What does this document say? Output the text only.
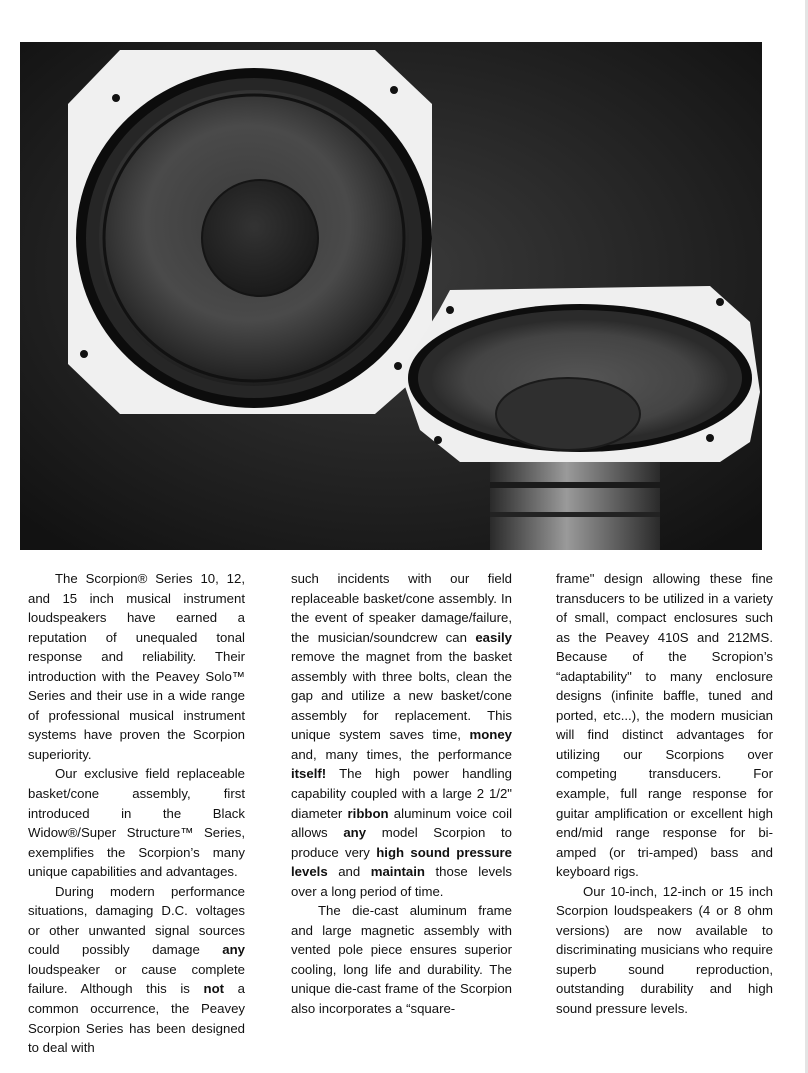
The Scorpion® Series 10, 12, and 15 inch musical instrument loudspeakers have earned a reputation of unequaled tonal response and reliability. Their introduction with the Peavey Solo™ Series and their use in a wide range of professional musical instrument systems have proven the Scorpion superiority.

Our exclusive field replaceable basket/cone assembly, first introduced in the Black Widow®/Super Structure™ Series, exemplifies the Scorpion’s many unique capabilities and advantages.

During modern performance situations, damaging D.C. voltages or other unwanted signal sources could possibly damage any loudspeaker or cause complete failure. Although this is not a common occurrence, the Peavey Scorpion Series has been designed to deal with

such incidents with our field replaceable basket/cone assembly. In the event of speaker damage/failure, the musician/soundcrew can easily remove the magnet from the basket assembly with three bolts, clean the gap and utilize a new basket/cone assembly for replacement. This unique system saves time, money and, many times, the performance itself! The high power handling capability coupled with a large 2 1/2" diameter ribbon aluminum voice coil allows any model Scorpion to produce very high sound pressure levels and maintain those levels over a long period of time.

The die-cast aluminum frame and large magnetic assembly with vented pole piece ensures superior cooling, long life and durability. The unique die-cast frame of the Scorpion also incorporates a “square-

frame" design allowing these fine transducers to be utilized in a variety of small, compact enclosures such as the Peavey 410S and 212MS. Because of the Scropion’s “adaptability" to many enclosure designs (infinite baffle, tuned and ported, etc...), the modern musician will find distinct advantages for utilizing our Scorpions over competing transducers. For example, full range response for guitar amplification or excellent high end/mid range response for bi-amped (or tri-amped) bass and keyboard rigs.

Our 10-inch, 12-inch or 15 inch Scorpion loudspeakers (4 or 8 ohm versions) are now available to discriminating musicians who require superb sound reproduction, outstanding durability and high sound pressure levels.
